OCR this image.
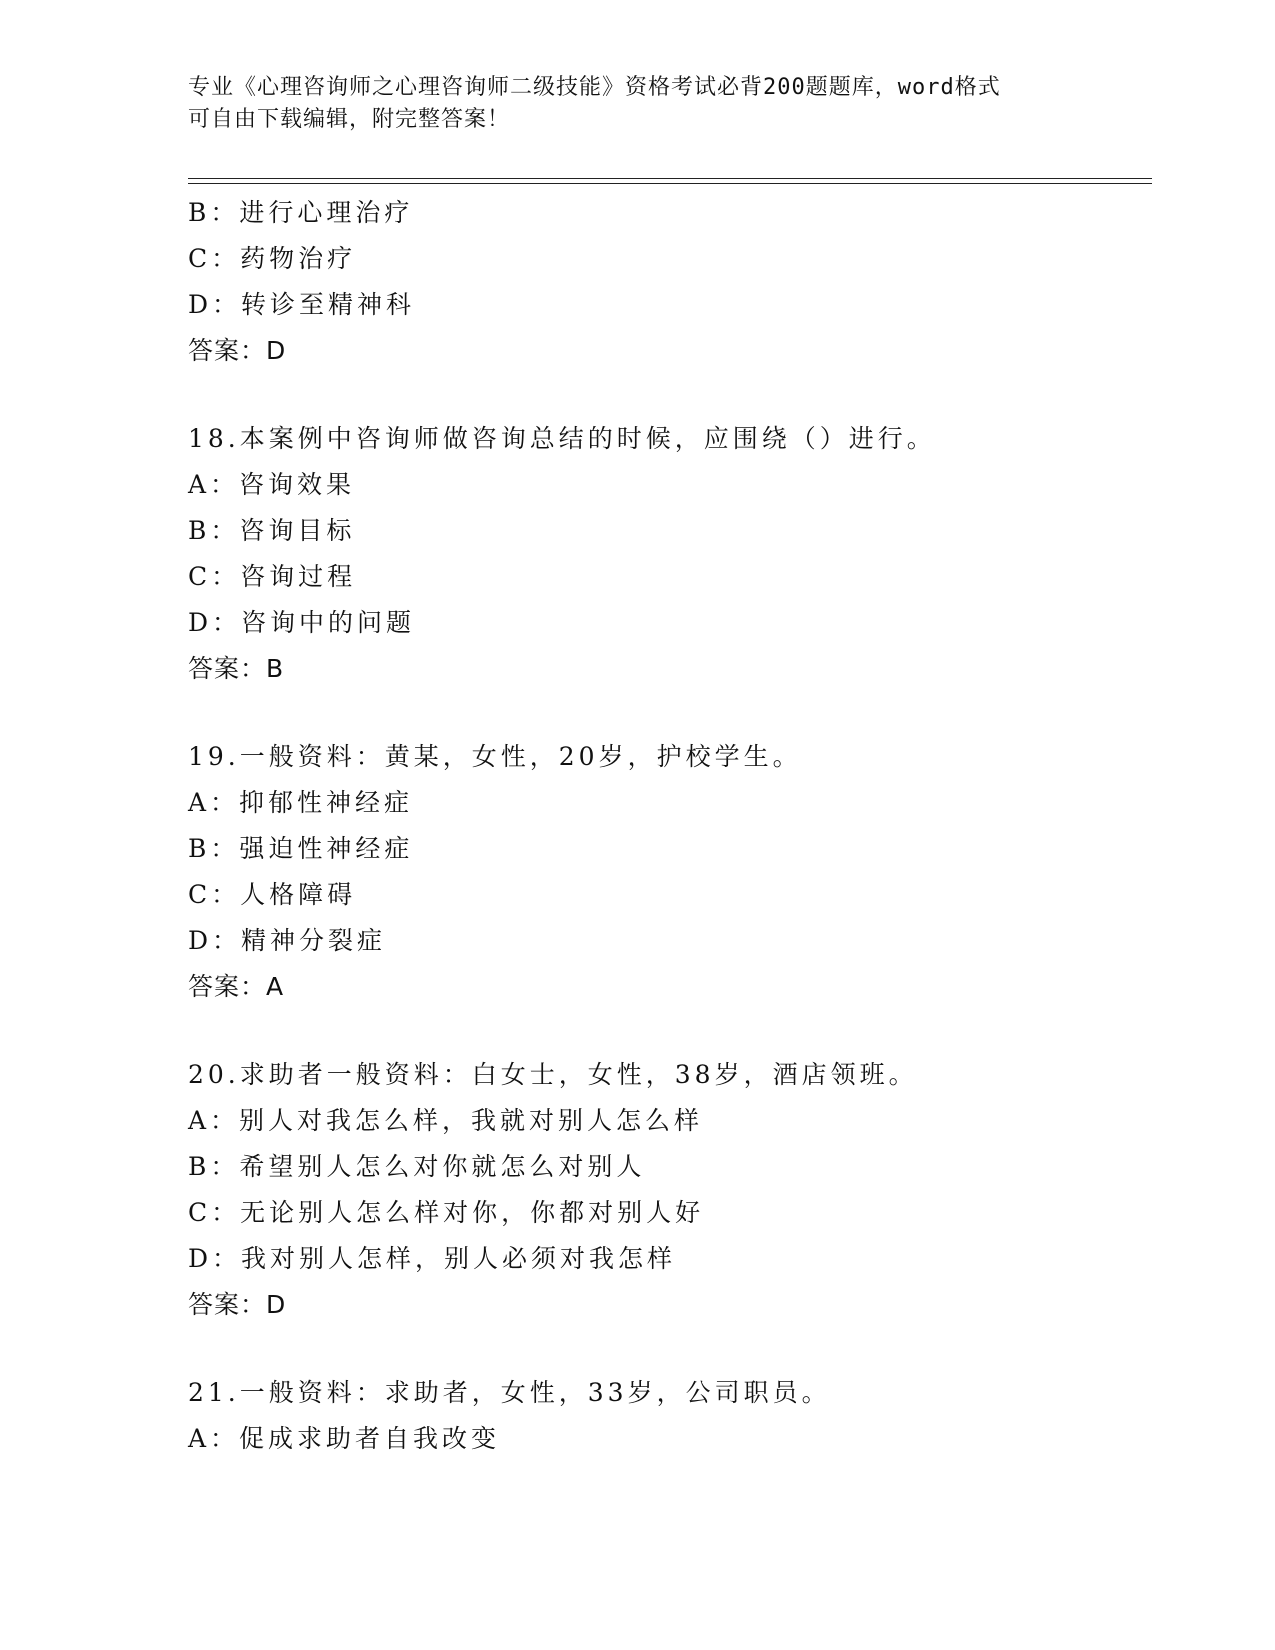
专业《心理咨询师之心理咨询师二级技能》资格考试必背200题题库，word格式
可自由下载编辑，附完整答案！
B：进行心理治疗
C：药物治疗
D：转诊至精神科
答案：D
18.本案例中咨询师做咨询总结的时候，应围绕（）进行。
A：咨询效果
B：咨询目标
C：咨询过程
D：咨询中的问题
答案：B
19.一般资料：黄某，女性，20岁，护校学生。
A：抑郁性神经症
B：强迫性神经症
C：人格障碍
D：精神分裂症
答案：A
20.求助者一般资料：白女士，女性，38岁，酒店领班。
A：别人对我怎么样，我就对别人怎么样
B：希望别人怎么对你就怎么对别人
C：无论别人怎么样对你，你都对别人好
D：我对别人怎样，别人必须对我怎样
答案：D
21.一般资料：求助者，女性，33岁，公司职员。
A：促成求助者自我改变
